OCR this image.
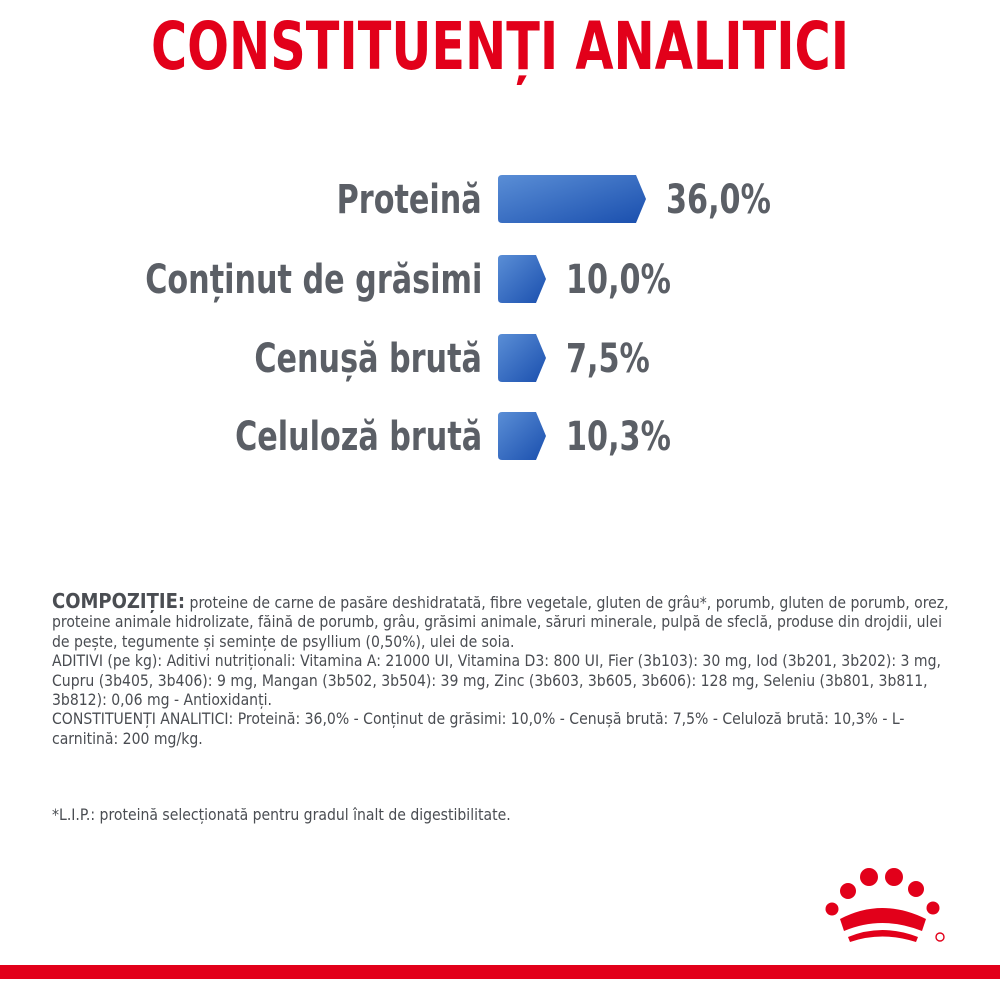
CONSTITUENȚI ANALITICI
Proteină	36,0%
Conținut de grăsimi 10,0%
Cenușă brută 7,5%
Celuloză brută 10,3%

COMPOZIȚIE: proteine de carne de pasăre deshidratată, fibre vegetale, gluten de grâu*, porumb, gluten de porumb, orez, proteine animale hidrolizate, făină de porumb, grâu, grăsimi animale, săruri minerale, pulpă de sfeclă, produse din drojdii, ulei de pește, tegumente și semințe de psyllium (0,50%), ulei de soia.

ADITIVI (pe kg): Aditivi nutriționali: Vitamina A: 21000 UI, Vitamina D3: 800 UI, Fier (3b103): 30 mg, Iod (3b201, 3b202): 3 mg, Cupru (3b405, 3b406): 9 mg, Mangan (3b502, 3b504): 39 mg, Zinc (3b603, 3b605, 3b606): 128 mg, Seleniu (3b801, 3b811, 3b812): 0,06 mg - Antioxidanți.

CONSTITUENȚI ANALITICI: Proteină: 36,0% - Conținut de grăsimi: 10,0% - Cenușă brută: 7,5% - Celuloză brută: 10,3% - L-carnitină: 200 mg/kg.

*L.I.P.: proteină selecționată pentru gradul înalt de digestibilitate.
